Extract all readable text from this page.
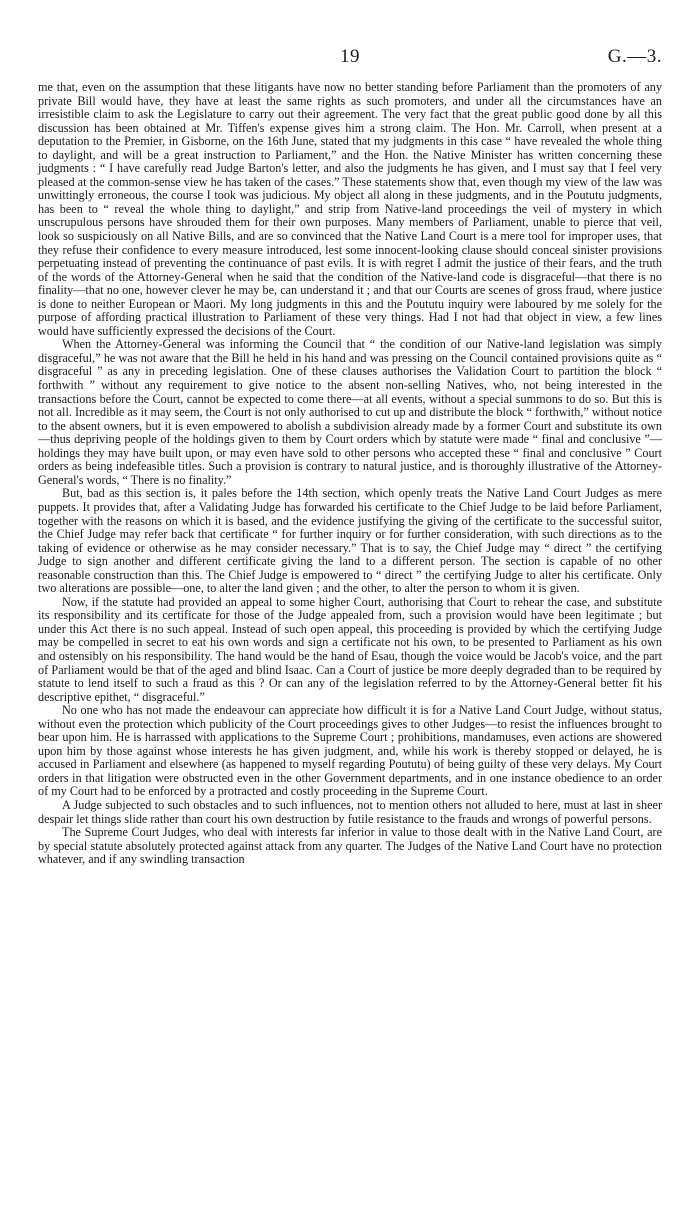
19	G.—3.

me that, even on the assumption that these litigants have now no better standing before Parliament than the promoters of any private Bill would have, they have at least the same rights as such promoters, and under all the circumstances have an irresistible claim to ask the Legislature to carry out their agreement. The very fact that the great public good done by all this discussion has been obtained at Mr. Tiffen's expense gives him a strong claim. The Hon. Mr. Carroll, when present at a deputation to the Premier, in Gisborne, on the 16th June, stated that my judgments in this case “ have revealed the whole thing to daylight, and will be a great instruction to Parliament,” and the Hon. the Native Minister has written concerning these judgments : “ I have carefully read Judge Barton's letter, and also the judgments he has given, and I must say that I feel very pleased at the common-sense view he has taken of the cases.” These statements show that, even though my view of the law was unwittingly erroneous, the course I took was judicious. My object all along in these judgments, and in the Poututu judgments, has been to “ reveal the whole thing to daylight,” and strip from Native-land proceedings the veil of mystery in which unscrupulous persons have shrouded them for their own purposes. Many members of Parliament, unable to pierce that veil, look so suspiciously on all Native Bills, and are so convinced that the Native Land Court is a mere tool for improper uses, that they refuse their confidence to every measure introduced, lest some innocent-looking clause should conceal sinister provisions perpetuating instead of preventing the continuance of past evils. It is with regret I admit the justice of their fears, and the truth of the words of the Attorney-General when he said that the condition of the Native-land code is disgraceful—that there is no finality—that no one, however clever he may be, can understand it ; and that our Courts are scenes of gross fraud, where justice is done to neither European or Maori. My long judgments in this and the Poututu inquiry were laboured by me solely for the purpose of affording practical illustration to Parliament of these very things. Had I not had that object in view, a few lines would have sufficiently expressed the decisions of the Court.

When the Attorney-General was informing the Council that “ the condition of our Native-land legislation was simply disgraceful,” he was not aware that the Bill he held in his hand and was pressing on the Council contained provisions quite as “ disgraceful ” as any in preceding legislation. One of these clauses authorises the Validation Court to partition the block “ forthwith ” without any requirement to give notice to the absent non-selling Natives, who, not being interested in the transactions before the Court, cannot be expected to come there—at all events, without a special summons to do so. But this is not all. Incredible as it may seem, the Court is not only authorised to cut up and distribute the block “ forthwith,” without notice to the absent owners, but it is even empowered to abolish a subdivision already made by a former Court and substitute its own—thus depriving people of the holdings given to them by Court orders which by statute were made “ final and conclusive ”—holdings they may have built upon, or may even have sold to other persons who accepted these “ final and conclusive ” Court orders as being indefeasible titles. Such a provision is contrary to natural justice, and is thoroughly illustrative of the Attorney-General's words, “ There is no finality.”

But, bad as this section is, it pales before the 14th section, which openly treats the Native Land Court Judges as mere puppets. It provides that, after a Validating Judge has forwarded his certificate to the Chief Judge to be laid before Parliament, together with the reasons on which it is based, and the evidence justifying the giving of the certificate to the successful suitor, the Chief Judge may refer back that certificate “ for further inquiry or for further consideration, with such directions as to the taking of evidence or otherwise as he may consider necessary.” That is to say, the Chief Judge may “ direct ” the certifying Judge to sign another and different certificate giving the land to a different person. The section is capable of no other reasonable construction than this. The Chief Judge is empowered to “ direct ” the certifying Judge to alter his certificate. Only two alterations are possible—one, to alter the land given ; and the other, to alter the person to whom it is given.

Now, if the statute had provided an appeal to some higher Court, authorising that Court to rehear the case, and substitute its responsibility and its certificate for those of the Judge appealed from, such a provision would have been legitimate ; but under this Act there is no such appeal. Instead of such open appeal, this proceeding is provided by which the certifying Judge may be compelled in secret to eat his own words and sign a certificate not his own, to be presented to Parliament as his own and ostensibly on his responsibility. The hand would be the hand of Esau, though the voice would be Jacob's voice, and the part of Parliament would be that of the aged and blind Isaac. Can a Court of justice be more deeply degraded than to be required by statute to lend itself to such a fraud as this ? Or can any of the legislation referred to by the Attorney-General better fit his descriptive epithet, “ disgraceful.”

No one who has not made the endeavour can appreciate how difficult it is for a Native Land Court Judge, without status, without even the protection which publicity of the Court proceedings gives to other Judges—to resist the influences brought to bear upon him. He is harrassed with applications to the Supreme Court ; prohibitions, mandamuses, even actions are showered upon him by those against whose interests he has given judgment, and, while his work is thereby stopped or delayed, he is accused in Parliament and elsewhere (as happened to myself regarding Poututu) of being guilty of these very delays. My Court orders in that litigation were obstructed even in the other Government departments, and in one instance obedience to an order of my Court had to be enforced by a protracted and costly proceeding in the Supreme Court.

A Judge subjected to such obstacles and to such influences, not to mention others not alluded to here, must at last in sheer despair let things slide rather than court his own destruction by futile resistance to the frauds and wrongs of powerful persons.

The Supreme Court Judges, who deal with interests far inferior in value to those dealt with in the Native Land Court, are by special statute absolutely protected against attack from any quarter. The Judges of the Native Land Court have no protection whatever, and if any swindling transaction
